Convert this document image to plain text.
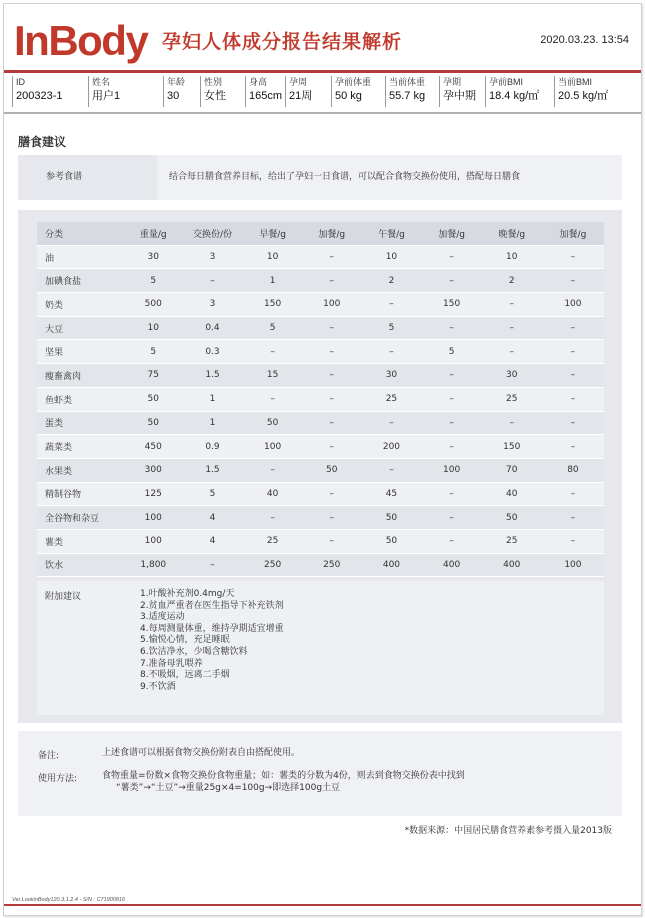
InBody 孕妇人体成分报告结果解析	2020.03.23. 13:54
ID
200323-1
姓名
用户1
年龄
30
性别
女性
身高
165cm
孕周
21周
孕前体重
50 kg
当前体重
55.7 kg
孕期
孕中期
孕前BMI
18.4 kg/㎡
当前BMI
20.5 kg/㎡
膳食建议
参考食谱	结合每日膳食营养目标，给出了孕妇一日食谱，可以配合食物交换份使用，搭配每日膳食
分类	重量/g	交换份/份	早餐/g	加餐/g	午餐/g	加餐/g	晚餐/g	加餐/g
油	30	3	10	–	10	–	10	–
加碘食盐	5	–	1	–	2	–	2	–
奶类	500	3	150	100	–	150	–	100
大豆	10	0.4	5	–	5	–	–	–
坚果	5	0.3	–	–	–	5	–	–
瘦畜禽肉	75	1.5	15	–	30	–	30	–
鱼虾类	50	1	–	–	25	–	25	–
蛋类	50	1	50	–	–	–	–	–
蔬菜类	450	0.9	100	–	200	–	150	–
水果类	300	1.5	–	50	–	100	70	80
精制谷物	125	5	40	–	45	–	40	–
全谷物和杂豆	100	4	–	–	50	–	50	–
薯类	100	4	25	–	50	–	25	–
饮水	1,800	–	250	250	400	400	400	100
附加建议	1.叶酸补充剂0.4mg/天
2.贫血严重者在医生指导下补充铁剂
3.适度运动
4.每周测量体重，维持孕期适宜增重
5.愉悦心情，充足睡眠
6.饮洁净水，少喝含糖饮料
7.准备母乳喂养
8.不吸烟，远离二手烟
9.不饮酒
备注:	上述食谱可以根据食物交换份附表自由搭配使用。
使用方法:	食物重量=份数×食物交换份食物重量；如：薯类的分数为4份，则去到食物交换份表中找到
“薯类”→“土豆”→重量25g×4=100g→即选择100g土豆
*数据来源：中国居民膳食营养素参考摄入量2013版
Ver.LookinBody120.3.1.2.4 - S/N : C71900816
